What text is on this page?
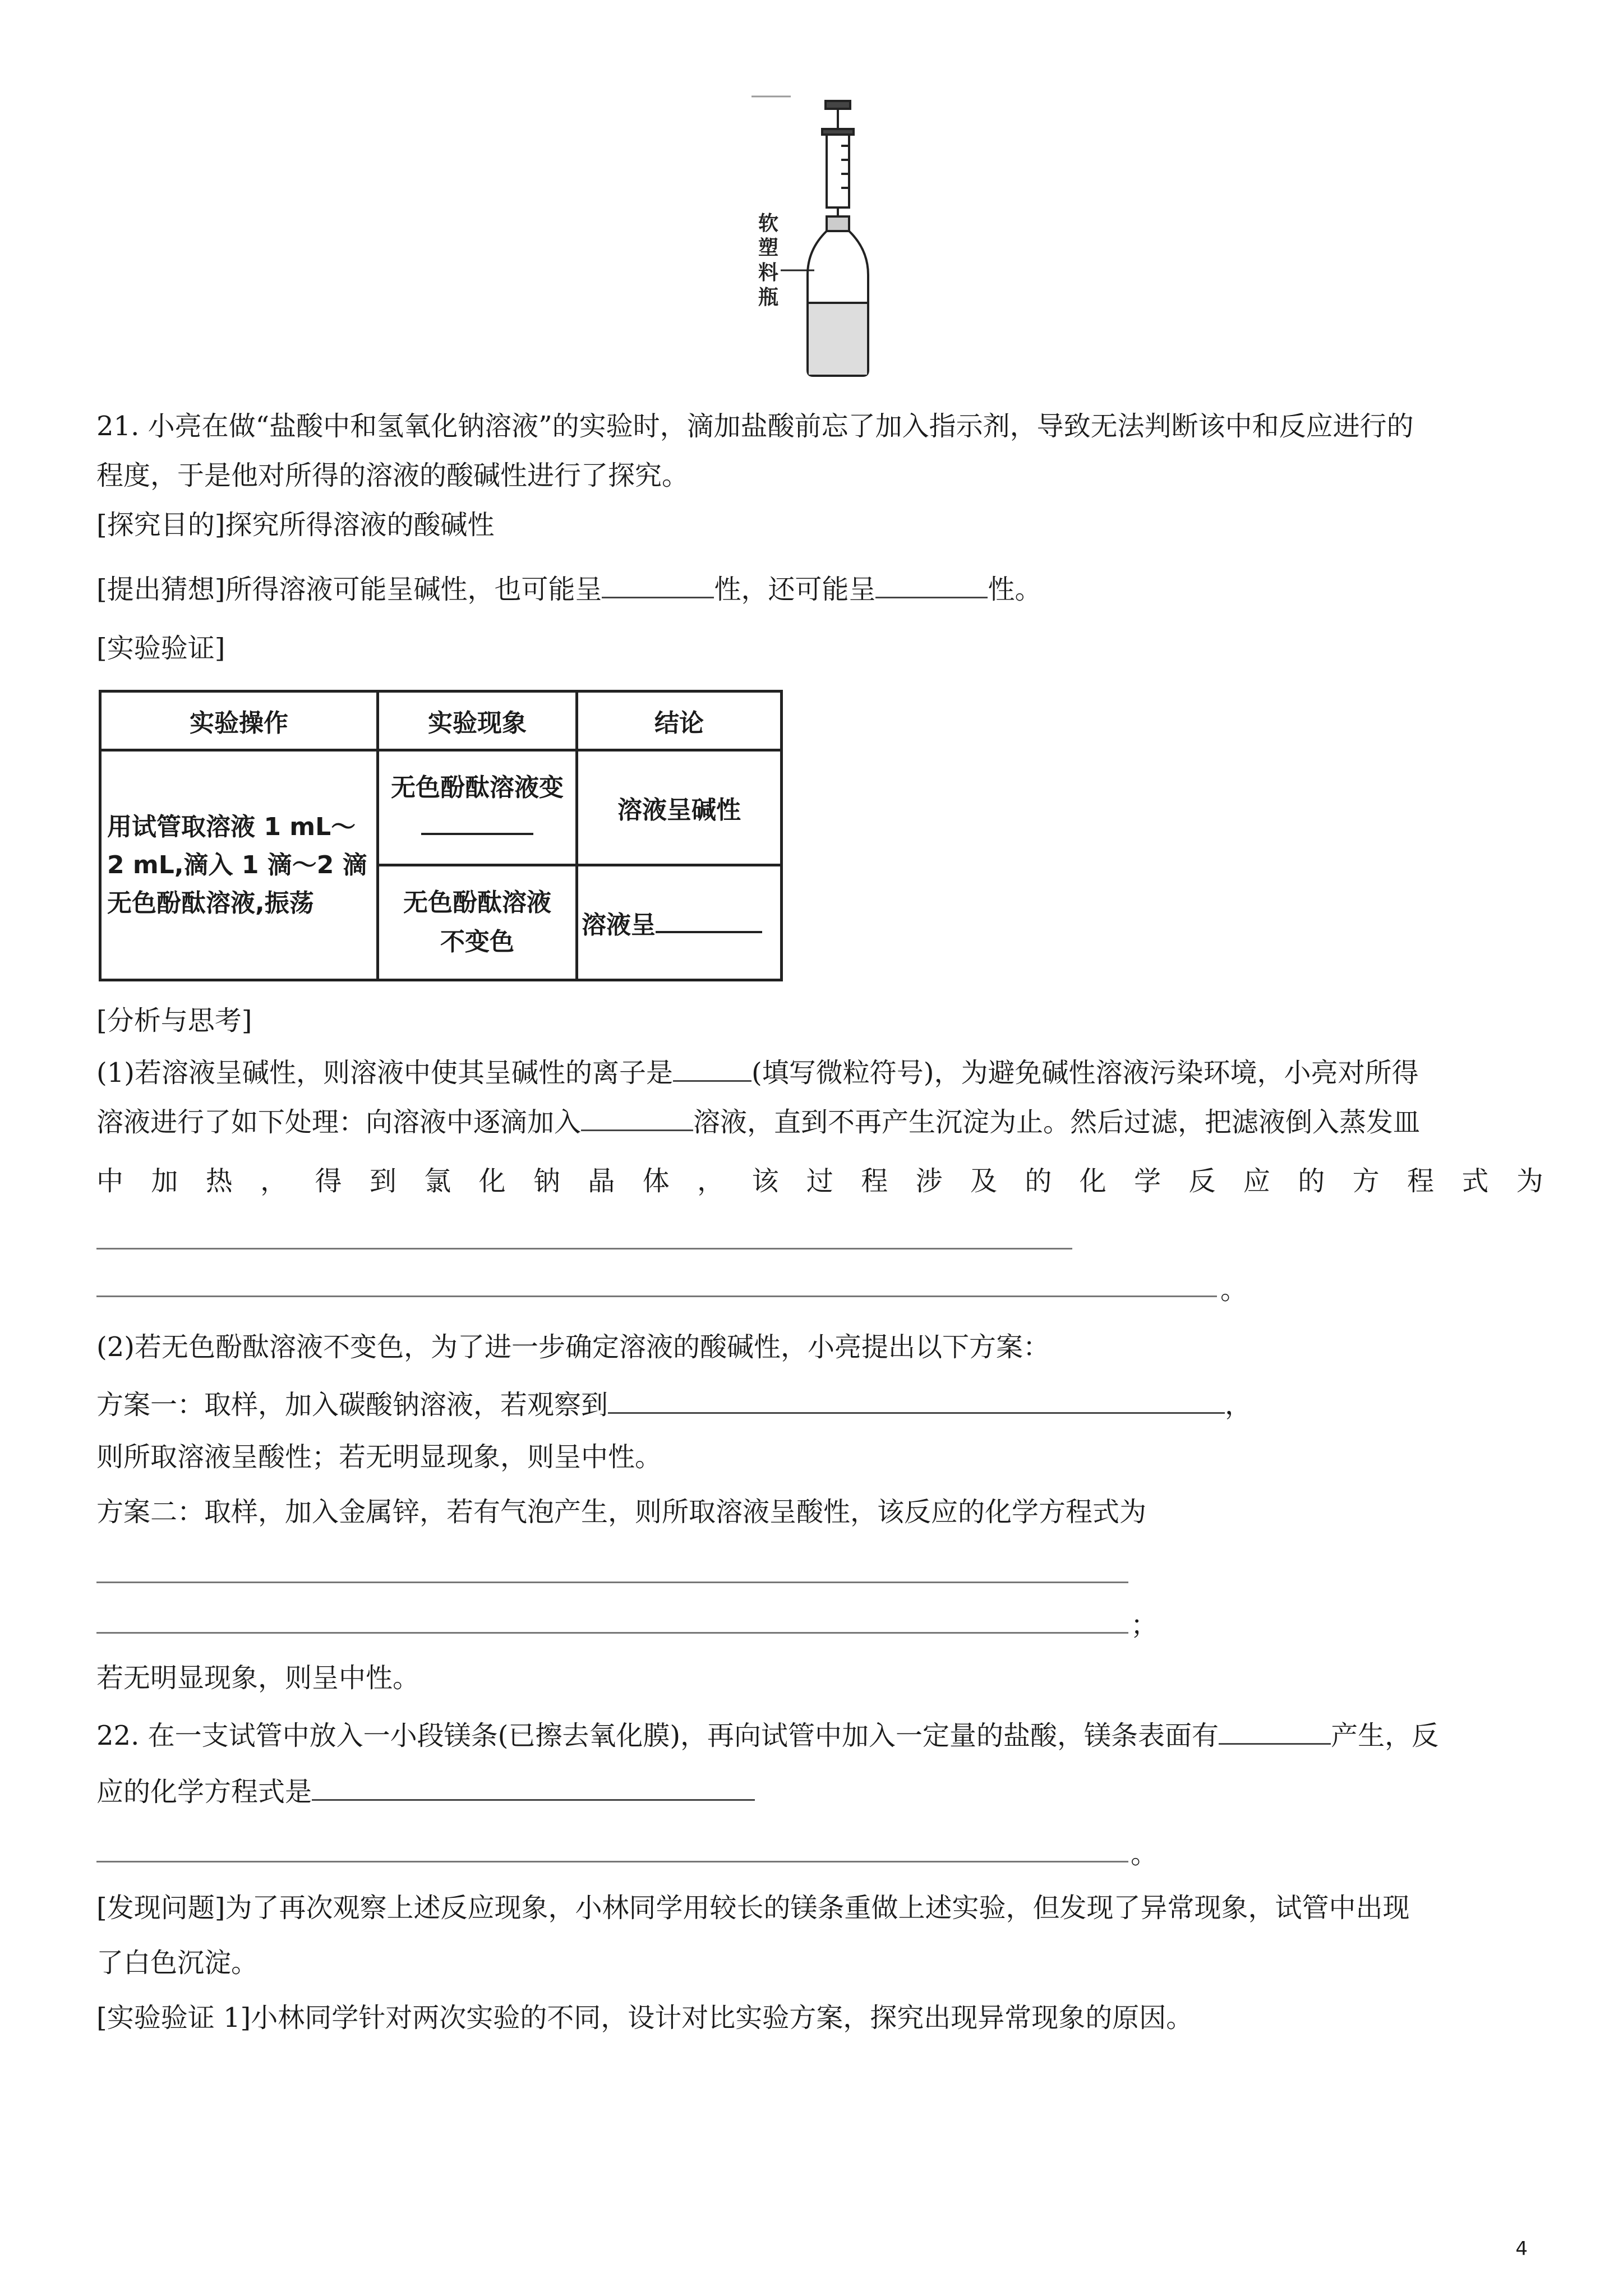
软 塑 料 瓶
21. 小亮在做“盐酸中和氢氧化钠溶液”的实验时，滴加盐酸前忘了加入指示剂，导致无法判断该中和反应进行的
程度，于是他对所得的溶液的酸碱性进行了探究。
[探究目的]探究所得溶液的酸碱性
[提出猜想]所得溶液可能呈碱性，也可能呈	性，还可能呈	性。
[实验验证]
实验操作	实验现象	结论

用试管取溶液 1 mL～
2 mL,滴入 1 滴～2 滴
无色酚酞溶液,振荡	无色酚酞溶液变	溶液呈碱性

	无色酚酞溶液
不变色	溶液呈
[分析与思考]
(1)若溶液呈碱性，则溶液中使其呈碱性的离子是	(填写微粒符号)，为避免碱性溶液污染环境，小亮对所得
溶液进行了如下处理：向溶液中逐滴加入	溶液，直到不再产生沉淀为止。然后过滤，把滤液倒入蒸发皿
中 加 热 ， 得 到 氯 化 钠 晶 体 ， 该 过 程 涉 及 的 化 学 反 应 的 方 程 式 为
。
(2)若无色酚酞溶液不变色，为了进一步确定溶液的酸碱性，小亮提出以下方案：
方案一：取样，加入碳酸钠溶液，若观察到	，
则所取溶液呈酸性；若无明显现象，则呈中性。
方案二：取样，加入金属锌，若有气泡产生，则所取溶液呈酸性，该反应的化学方程式为
；
若无明显现象，则呈中性。
22. 在一支试管中放入一小段镁条(已擦去氧化膜)，再向试管中加入一定量的盐酸，镁条表面有	产生，反
应的化学方程式是
。
[发现问题]为了再次观察上述反应现象，小林同学用较长的镁条重做上述实验，但发现了异常现象，试管中出现
了白色沉淀。
[实验验证 1]小林同学针对两次实验的不同，设计对比实验方案，探究出现异常现象的原因。
4
